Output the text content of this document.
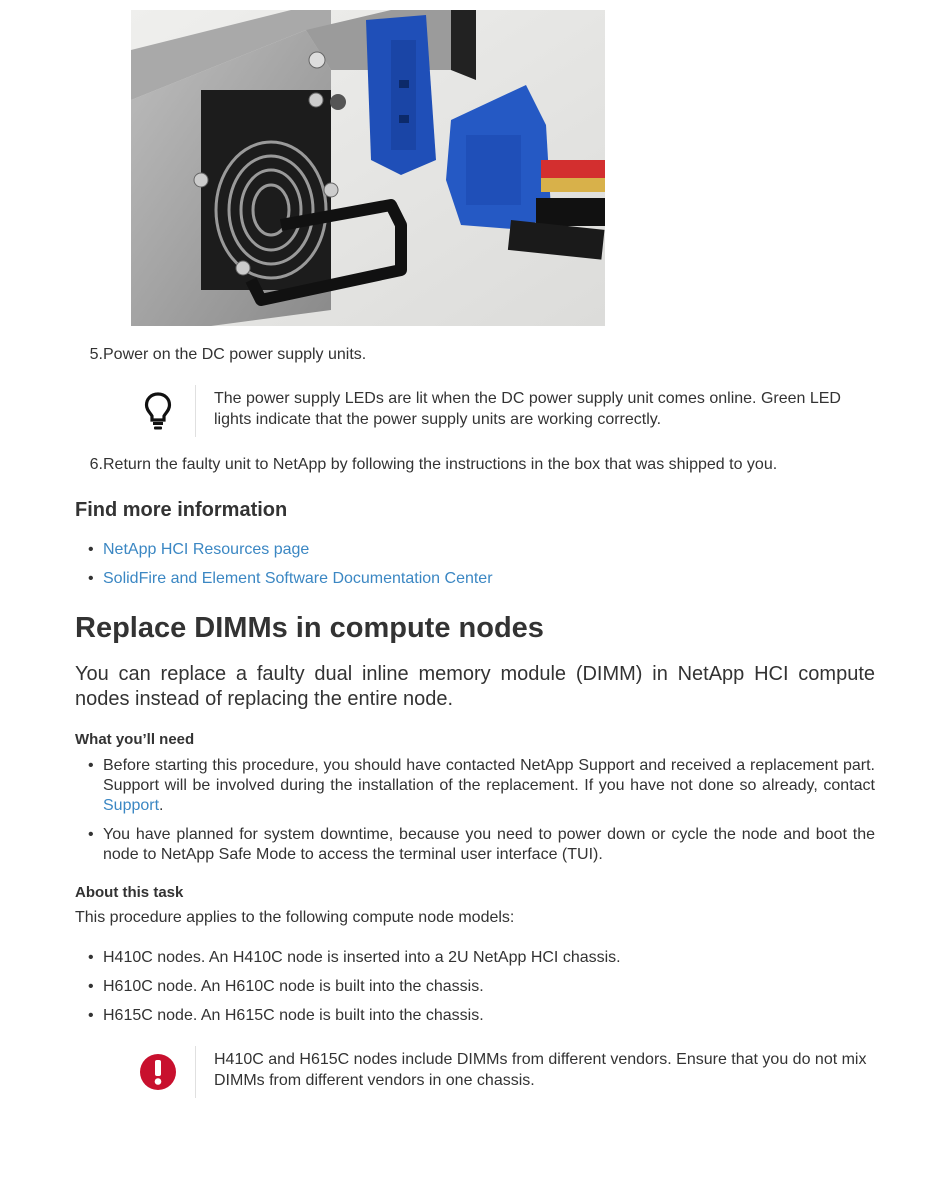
5. Power on the DC power supply units.
The power supply LEDs are lit when the DC power supply unit comes online. Green LED lights indicate that the power supply units are working correctly.
6. Return the faulty unit to NetApp by following the instructions in the box that was shipped to you.
Find more information
• NetApp HCI Resources page
• SolidFire and Element Software Documentation Center
Replace DIMMs in compute nodes
You can replace a faulty dual inline memory module (DIMM) in NetApp HCI compute nodes instead of replacing the entire node.
What you’ll need
• Before starting this procedure, you should have contacted NetApp Support and received a replacement part. Support will be involved during the installation of the replacement. If you have not done so already, contact Support.
• You have planned for system downtime, because you need to power down or cycle the node and boot the node to NetApp Safe Mode to access the terminal user interface (TUI).
About this task
This procedure applies to the following compute node models:
• H410C nodes. An H410C node is inserted into a 2U NetApp HCI chassis.
• H610C node. An H610C node is built into the chassis.
• H615C node. An H615C node is built into the chassis.
H410C and H615C nodes include DIMMs from different vendors. Ensure that you do not mix DIMMs from different vendors in one chassis.
